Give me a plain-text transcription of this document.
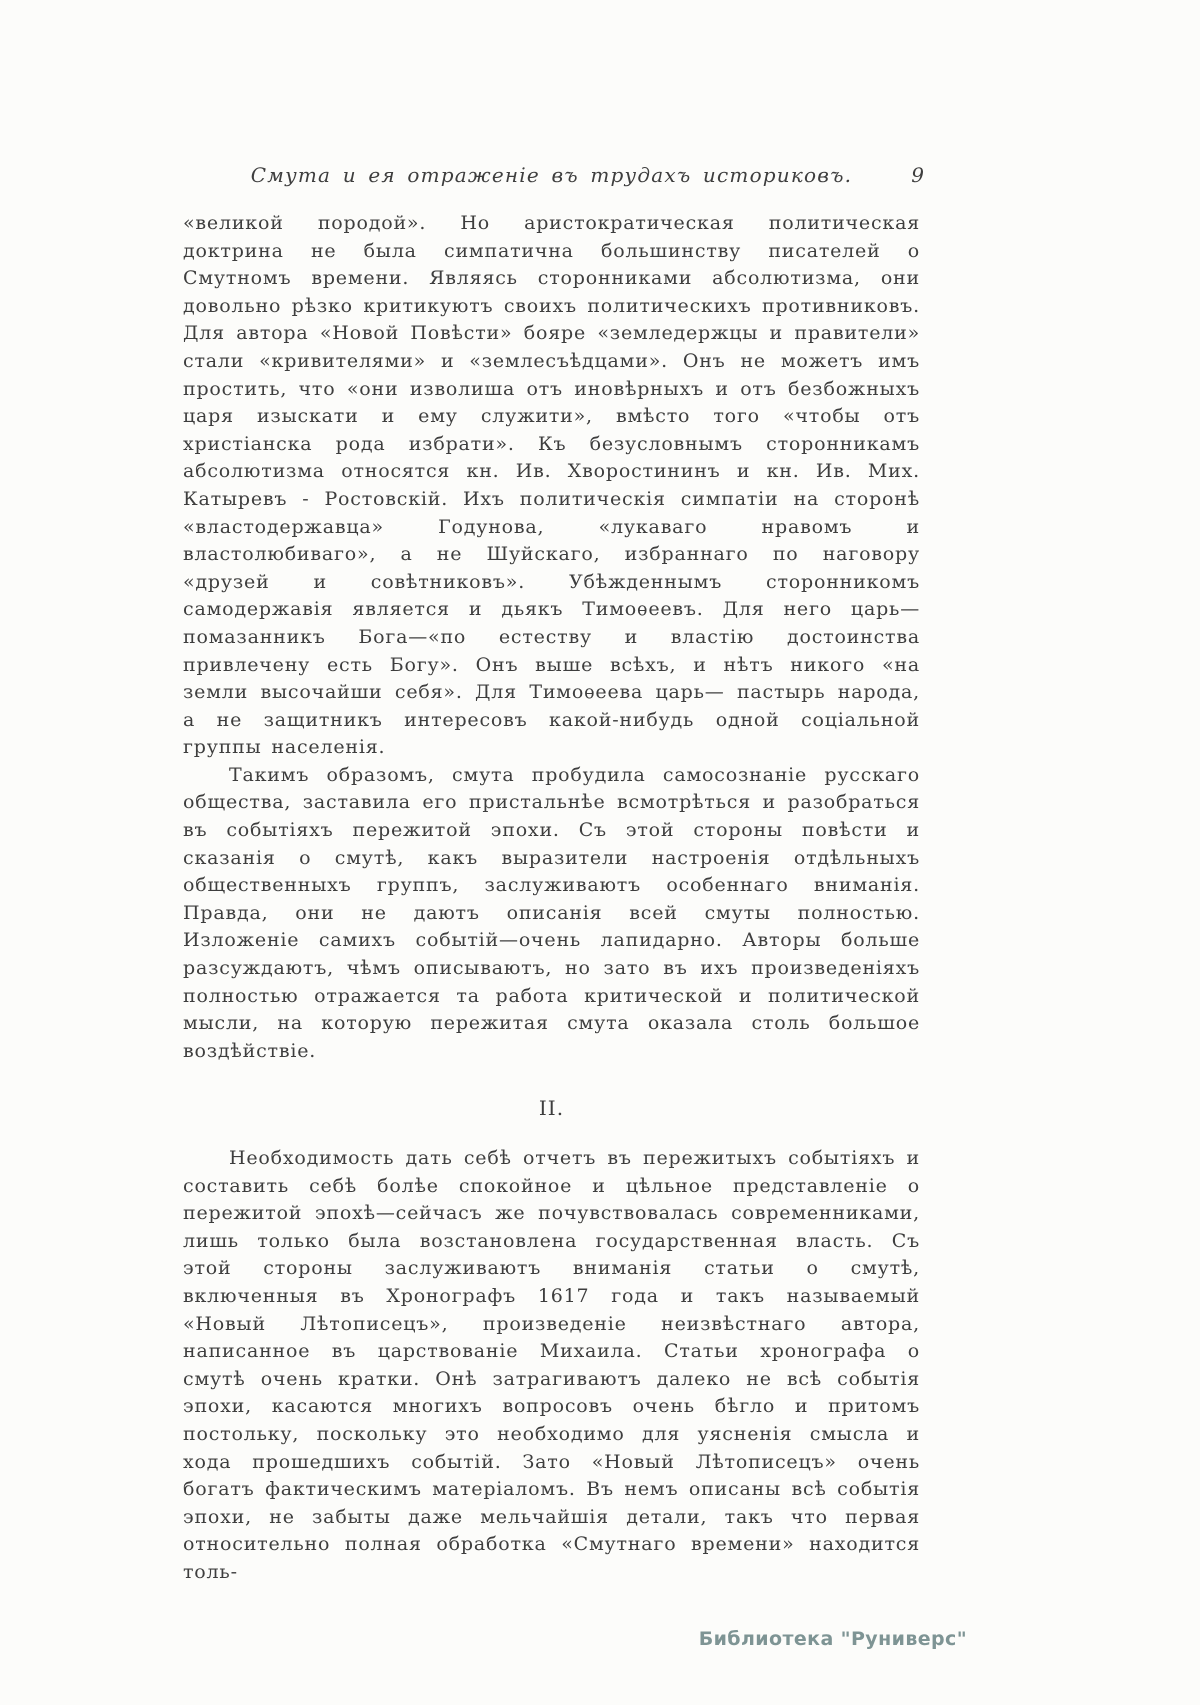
Смута и ея отраженіе въ трудахъ историковъ.	9

«великой породой». Но аристократическая политическая доктрина не была симпатична большинству писателей о Смутномъ времени. Являясь сторонниками абсолютизма, они довольно рѣзко критикуютъ своихъ политическихъ противниковъ. Для автора «Новой Повѣсти» бояре «земледержцы и правители» стали «кривителями» и «землесъѣдцами». Онъ не можетъ имъ простить, что «они изволиша отъ иновѣрныхъ и отъ безбожныхъ царя изыскати и ему служити», вмѣсто того «чтобы отъ христіанска рода избрати». Къ безусловнымъ сторонникамъ абсолютизма относятся кн. Ив. Хворостининъ и кн. Ив. Мих. Катыревъ - Ростовскій. Ихъ политическія симпатіи на сторонѣ «властодержавца» Годунова, «лукаваго нравомъ и властолюбиваго», а не Шуйскаго, избраннаго по наговору «друзей и совѣтниковъ». Убѣжденнымъ сторонникомъ самодержавія является и дьякъ Тимоѳеевъ. Для него царь—помазанникъ Бога—«по естеству и властію достоинства привлечену есть Богу». Онъ выше всѣхъ, и нѣтъ никого «на земли высочайши себя». Для Тимоѳеева царь— пастырь народа, а не защитникъ интересовъ какой-нибудь одной соціальной группы населенія.

Такимъ образомъ, смута пробудила самосознаніе русскаго общества, заставила его пристальнѣе всмотрѣться и разобраться въ событіяхъ пережитой эпохи. Съ этой стороны повѣсти и сказанія о смутѣ, какъ выразители настроенія отдѣльныхъ общественныхъ группъ, заслуживаютъ особеннаго вниманія. Правда, они не даютъ описанія всей смуты полностью. Изложеніе самихъ событій—очень лапидарно. Авторы больше разсуждаютъ, чѣмъ описываютъ, но зато въ ихъ произведеніяхъ полностью отражается та работа критической и политической мысли, на которую пережитая смута оказала столь большое воздѣйствіе.

II.

Необходимость дать себѣ отчетъ въ пережитыхъ событіяхъ и составить себѣ болѣе спокойное и цѣльное представленіе о пережитой эпохѣ—сейчасъ же почувствовалась современниками, лишь только была возстановлена государственная власть. Съ этой стороны заслуживаютъ вниманія статьи о смутѣ, включенныя въ Хронографъ 1617 года и такъ называемый «Новый Лѣтописецъ», произведеніе неизвѣстнаго автора, написанное въ царствованіе Михаила. Статьи хронографа о смутѣ очень кратки. Онѣ затрагиваютъ далеко не всѣ событія эпохи, касаются многихъ вопросовъ очень бѣгло и притомъ постольку, поскольку это необходимо для уясненія смысла и хода прошедшихъ событій. Зато «Новый Лѣтописецъ» очень богатъ фактическимъ матеріаломъ. Въ немъ описаны всѣ событія эпохи, не забыты даже мельчайшія детали, такъ что первая относительно полная обработка «Смутнаго времени» находится толь-

Библиотека "Руниверс"
